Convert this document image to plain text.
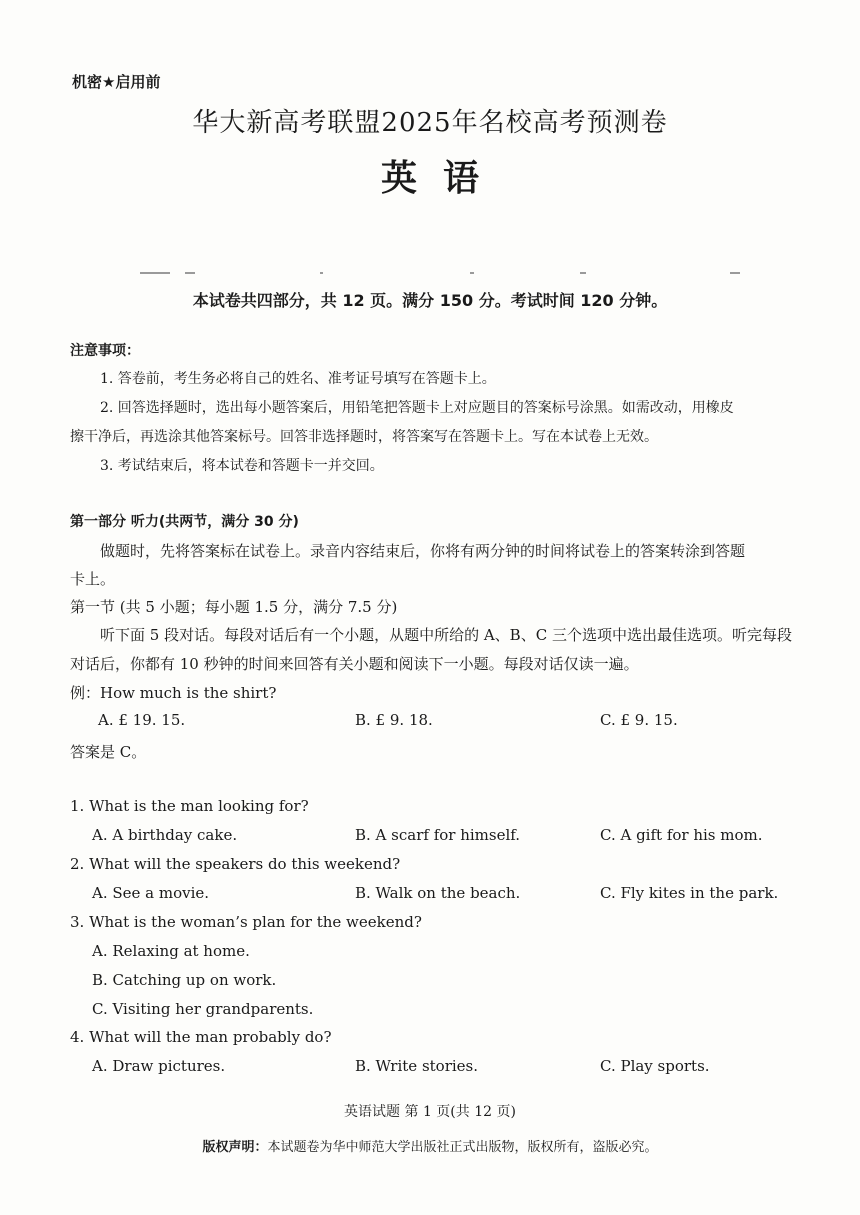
机密★启用前
华大新高考联盟2025年名校高考预测卷
英语
本试卷共四部分，共 12 页。满分 150 分。考试时间 120 分钟。
注意事项：
1. 答卷前，考生务必将自己的姓名、准考证号填写在答题卡上。
2. 回答选择题时，选出每小题答案后，用铅笔把答题卡上对应题目的答案标号涂黑。如需改动，用橡皮
擦干净后，再选涂其他答案标号。回答非选择题时，将答案写在答题卡上。写在本试卷上无效。
3. 考试结束后，将本试卷和答题卡一并交回。
第一部分 听力(共两节，满分 30 分)
做题时，先将答案标在试卷上。录音内容结束后，你将有两分钟的时间将试卷上的答案转涂到答题
卡上。
第一节 (共 5 小题；每小题 1.5 分，满分 7.5 分)
听下面 5 段对话。每段对话后有一个小题，从题中所给的 A、B、C 三个选项中选出最佳选项。听完每段
对话后，你都有 10 秒钟的时间来回答有关小题和阅读下一小题。每段对话仅读一遍。
例：How much is the shirt?
A. £ 19. 15.	B. £ 9. 18.	C. £ 9. 15.
答案是 C。
1. What is the man looking for?
A. A birthday cake.	B. A scarf for himself.	C. A gift for his mom.
2. What will the speakers do this weekend?
A. See a movie.	B. Walk on the beach.	C. Fly kites in the park.
3. What is the woman’s plan for the weekend?
A. Relaxing at home.
B. Catching up on work.
C. Visiting her grandparents.
4. What will the man probably do?
A. Draw pictures.	B. Write stories.	C. Play sports.
英语试题 第 1 页(共 12 页)
版权声明：本试题卷为华中师范大学出版社正式出版物，版权所有，盗版必究。
